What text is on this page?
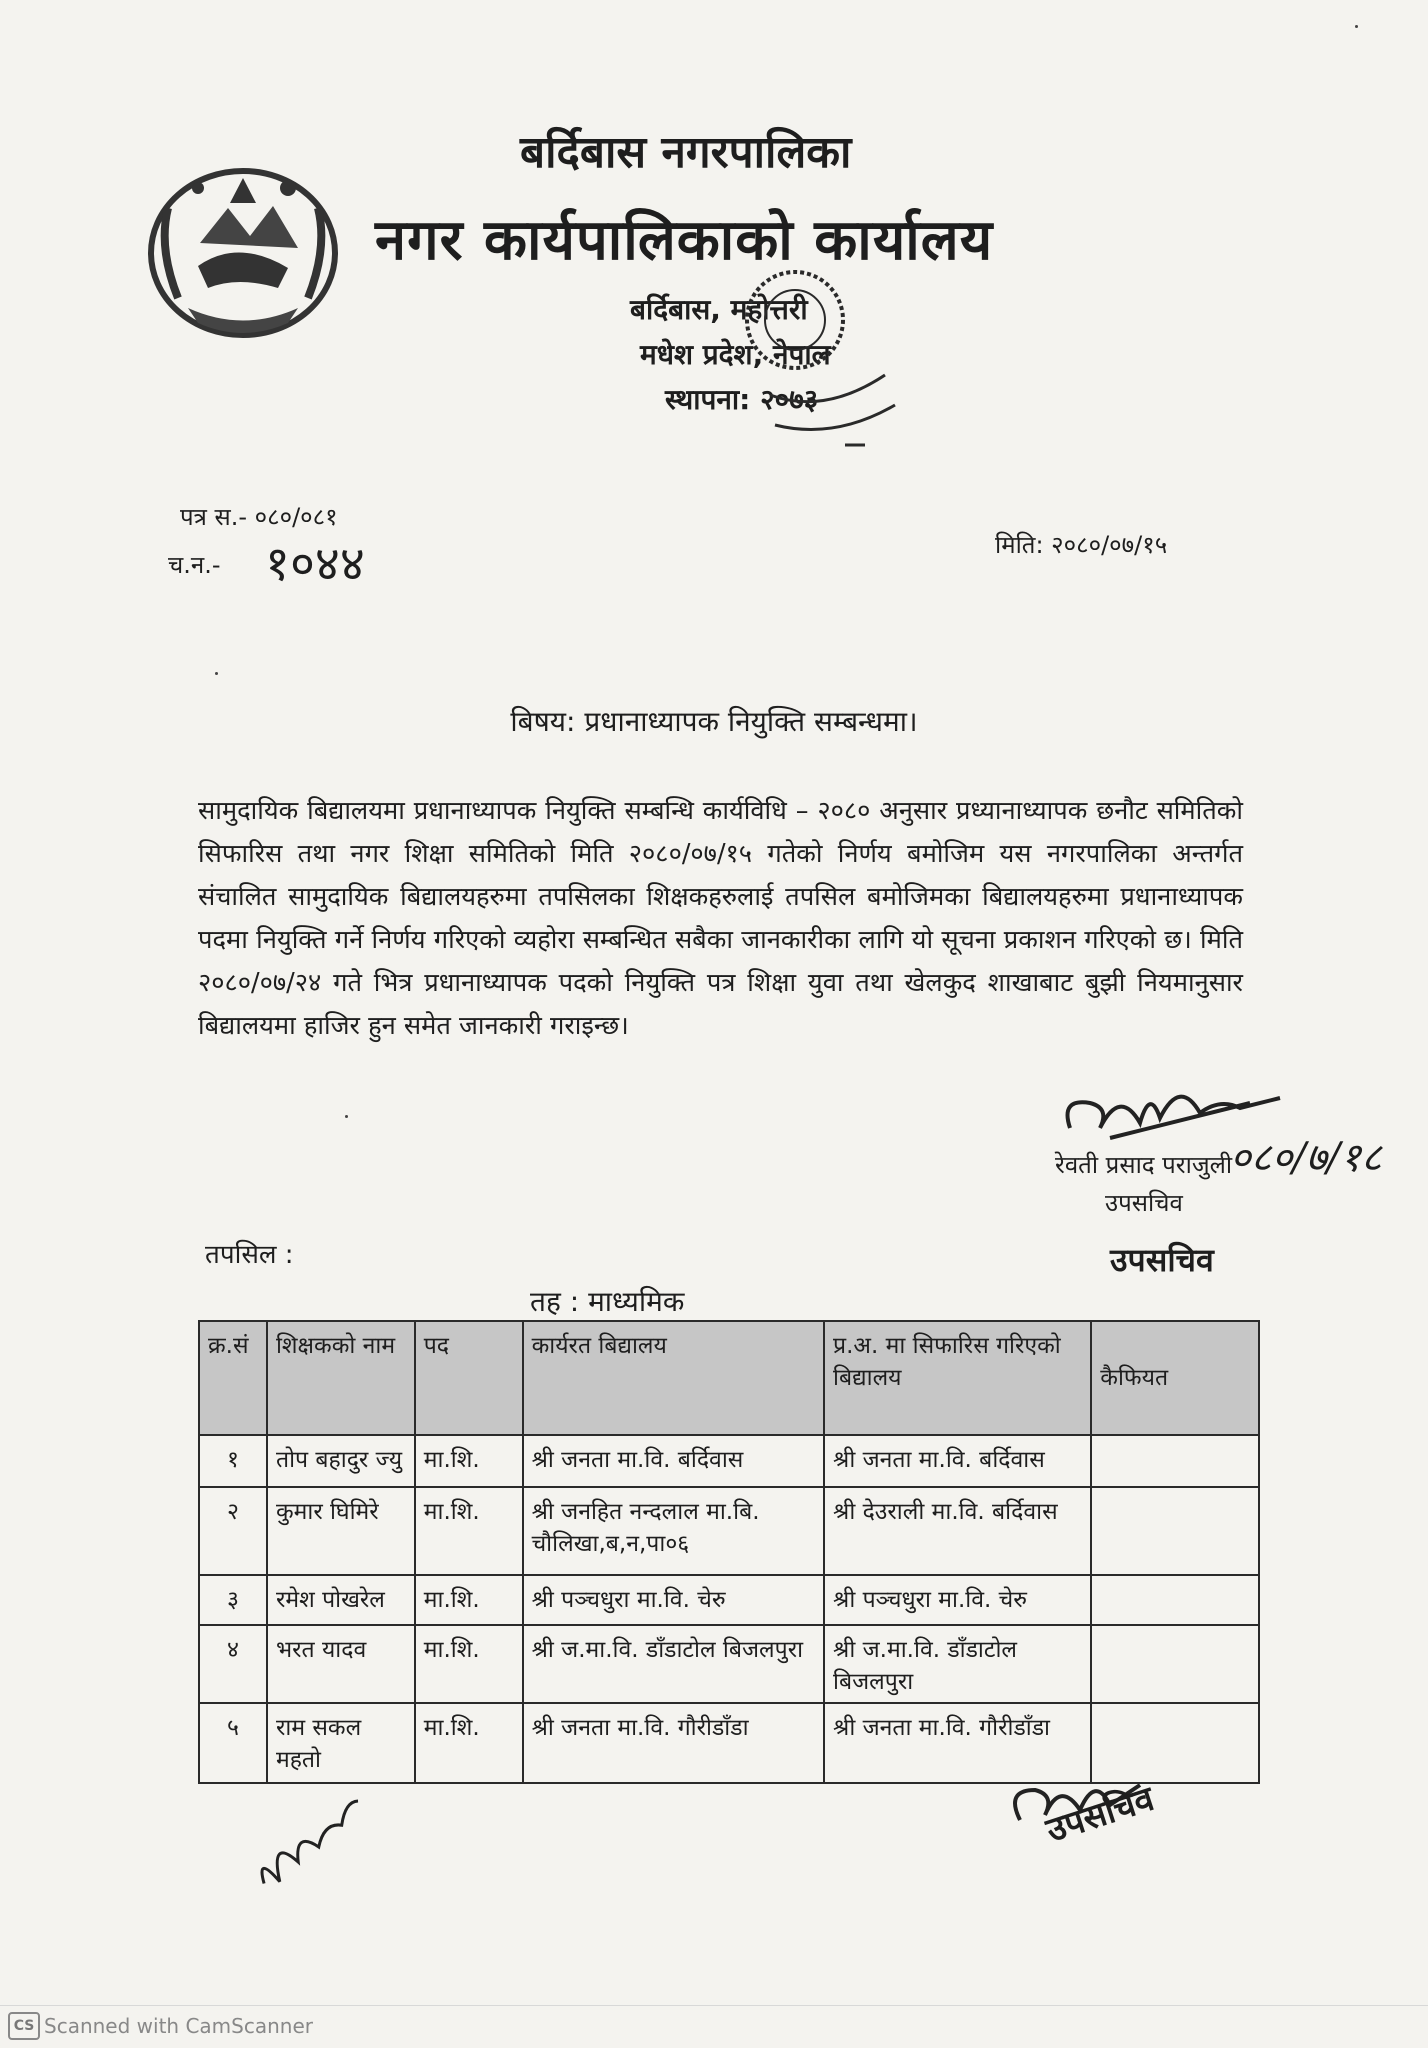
बर्दिबास नगरपालिका
नगर कार्यपालिकाको कार्यालय
बर्दिबास, महोत्तरी
मधेश प्रदेश, नेपाल
स्थापना: २०७३
पत्र स.- ०८०/०८१
च.न.- १०४४	मिति: २०८०/०७/१५
बिषय: प्रधानाध्यापक नियुक्ति सम्बन्धमा।
सामुदायिक बिद्यालयमा प्रधानाध्यापक नियुक्ति सम्बन्धि कार्यविधि – २०८० अनुसार प्रध्यानाध्यापक छनौट समितिको सिफारिस तथा नगर शिक्षा समितिको मिति २०८०/०७/१५ गतेको निर्णय बमोजिम यस नगरपालिका अन्तर्गत संचालित सामुदायिक बिद्यालयहरुमा तपसिलका शिक्षकहरुलाई तपसिल बमोजिमका बिद्यालयहरुमा प्रधानाध्यापक पदमा नियुक्ति गर्ने निर्णय गरिएको व्यहोरा सम्बन्धित सबैका जानकारीका लागि यो सूचना प्रकाशन गरिएको छ। मिति २०८०/०७/२४ गते भित्र प्रधानाध्यापक पदको नियुक्ति पत्र शिक्षा युवा तथा खेलकुद शाखाबाट बुझी नियमानुसार बिद्यालयमा हाजिर हुन समेत जानकारी गराइन्छ।
०८०/७/१८
रेवती प्रसाद पराजुली
उपसचिव
उपसचिव
तपसिल :
तह : माध्यमिक
क्र.सं	शिक्षकको नाम	पद	कार्यरत बिद्यालय	प्र.अ. मा सिफारिस गरिएको बिद्यालय	कैफियत
१	तोप बहादुर ज्यु	मा.शि.	श्री जनता मा.वि. बर्दिवास	श्री जनता मा.वि. बर्दिवास	
२	कुमार घिमिरे	मा.शि.	श्री जनहित नन्दलाल मा.बि. चौलिखा,ब,न,पा०६	श्री देउराली मा.वि. बर्दिवास	
३	रमेश पोखरेल	मा.शि.	श्री पञ्चधुरा मा.वि. चेरु	श्री पञ्चधुरा मा.वि. चेरु	
४	भरत यादव	मा.शि.	श्री ज.मा.वि. डाँडाटोल बिजलपुरा	श्री ज.मा.वि. डाँडाटोल बिजलपुरा	
५	राम सकल महतो	मा.शि.	श्री जनता मा.वि. गौरीडाँडा	श्री जनता मा.वि. गौरीडाँडा	
उपसचिव
CS Scanned with CamScanner
